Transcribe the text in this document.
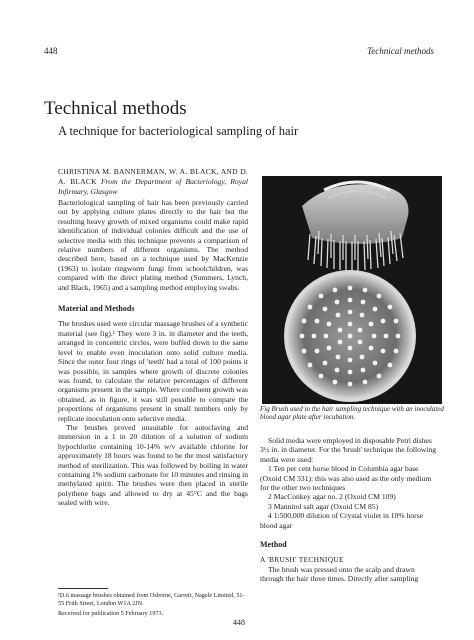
448	Technical methods
Technical methods
A technique for bacteriological sampling of hair
CHRISTINA M. BANNERMAN, W. A. BLACK, AND D. A. BLACK From the Department of Bacteriology, Royal Infirmary, Glasgow

Bacteriological sampling of hair has been previously carried out by applying culture plates directly to the hair but the resulting heavy growth of mixed organisms could make rapid identification of individual colonies difficult and the use of selective media with this technique prevents a comparison of relative numbers of different organisms. The method described here, based on a technique used by MacKenzie (1963) to isolate ringworm fungi from schoolchildren, was compared with the direct plating method (Summers, Lynch, and Black, 1965) and a sampling method employing swabs.

Material and Methods

The brushes used were circular massage brushes of a synthetic material (see fig).¹ They were 3 in. in diameter and the teeth, arranged in concentric circles, were buffed down to the same level to enable even inoculation onto solid culture media. Since the outer four rings of 'teeth' had a total of 100 points it was possible, in samples where growth of discrete colonies was found, to calculate the relative percentages of different organisms present in the sample. Where confluent growth was obtained, as in figure, it was still possible to compare the proportions of organisms present in small numbers only by replicate inoculation onto selective media.

The brushes proved unsuitable for autoclaving and immersion in a 1 in 20 dilution of a solution of sodium hypochlorite containing 10-14% w/v available chlorine for approximately 18 hours was found to be the most satisfactory method of sterilization. This was followed by boiling in water containing 1% sodium carbonate for 10 minutes and rinsing in methylated spirit. The brushes were then placed in sterile polythene bags and allowed to dry at 45°C and the bags sealed with wire.

¹D.6 massage brushes obtained from Osborne, Garrett, Nagele Limited, 51-55 Frith Street, London W1A 2JN.
Received for publication 5 February 1973.
Fig Brush used in the hair sampling technique with an inoculated blood agar plate after incubation.

Solid media were employed in disposable Petri dishes 3½ in. in diameter. For the 'brush' technique the following media were used:

1 Ten per cent horse blood in Columbia agar base (Oxoid CM 331): this was also used as the only medium for the other two techniques

2 MacConkey agar no. 2 (Oxoid CM 109)

3 Mannitol salt agar (Oxoid CM 85)

4 1:500,000 dilution of Crystal violet in 10% horse blood agar

Method

A 'BRUSH' TECHNIQUE

The brush was pressed onto the scalp and drawn through the hair three times. Directly after sampling

448
